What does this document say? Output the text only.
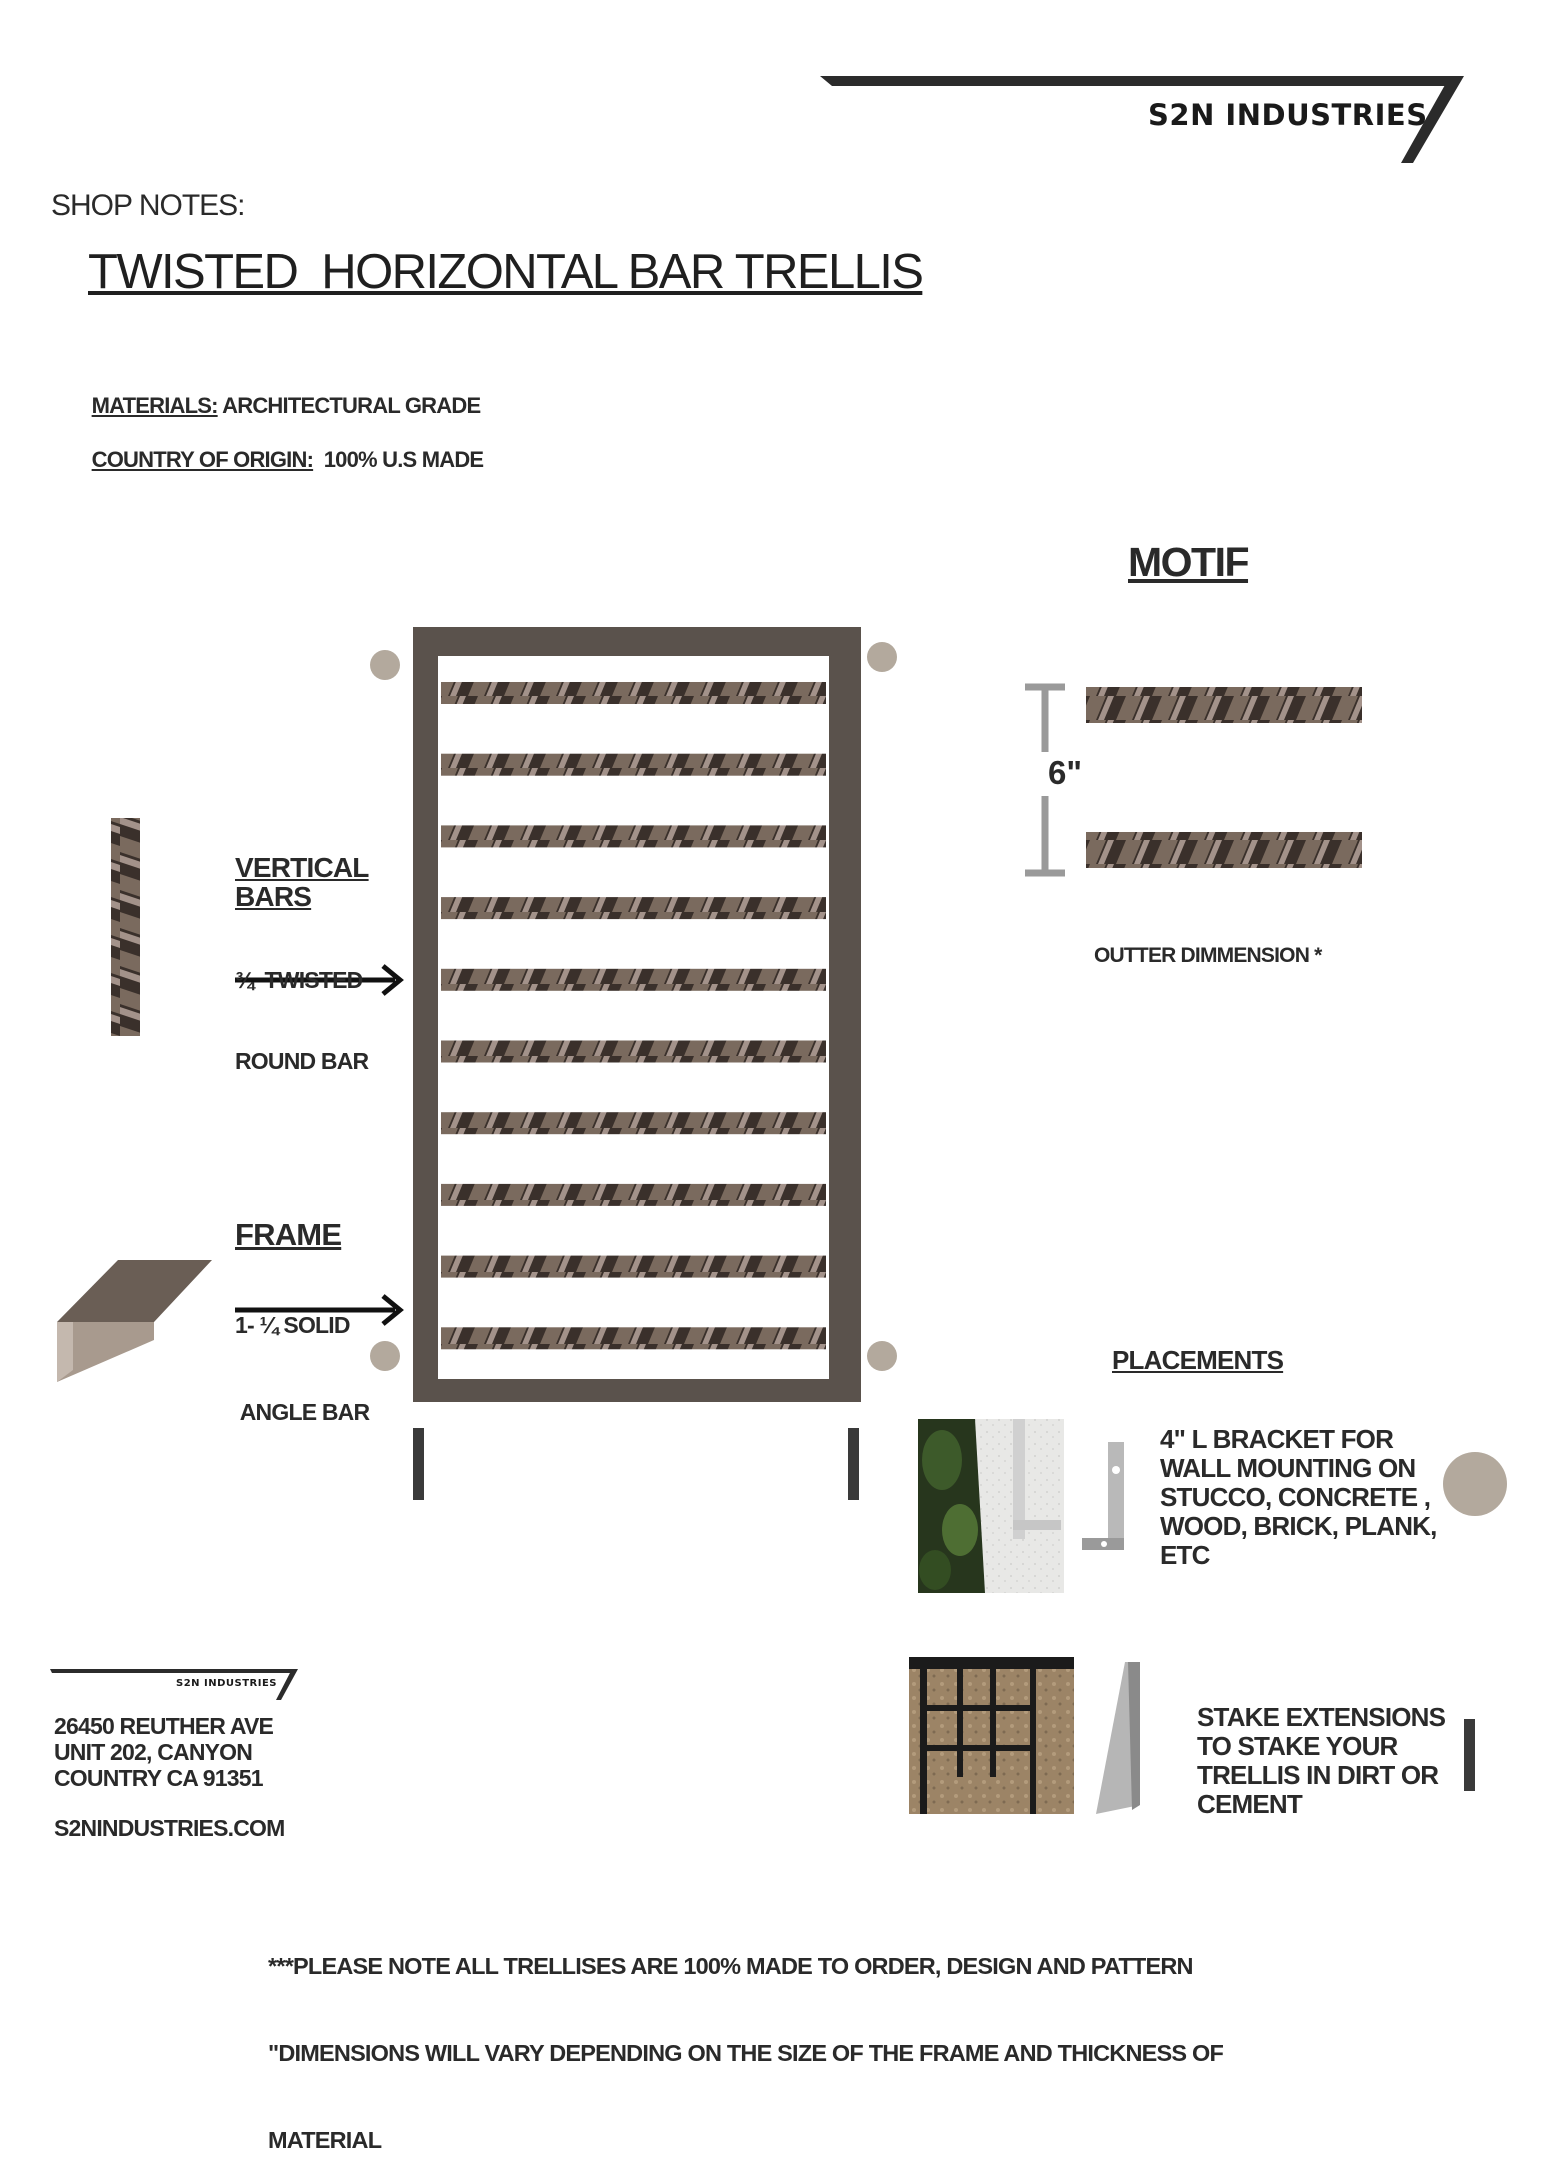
S2N INDUSTRIES
SHOP NOTES:
TWISTED  HORIZONTAL BAR TRELLIS

MATERIALS: ARCHITECTURAL GRADE

COUNTRY OF ORIGIN:  100% U.S MADE

MOTIF
6"
OUTTER DIMMENSION *
VERTICAL
BARS

¾  TWISTED

ROUND BAR

FRAME

1- ¼ SOLID

ANGLE BAR

PLACEMENTS
4" L BRACKET FOR
WALL MOUNTING ON
STUCCO, CONCRETE ,
WOOD, BRICK, PLANK,
ETC
STAKE EXTENSIONS
TO STAKE YOUR
TRELLIS IN DIRT OR
CEMENT
S2N INDUSTRIES
26450 REUTHER AVE
UNIT 202, CANYON
COUNTRY CA 91351
S2NINDUSTRIES.COM

***PLEASE NOTE ALL TRELLISES ARE 100% MADE TO ORDER, DESIGN AND PATTERN

"DIMENSIONS WILL VARY DEPENDING ON THE SIZE OF THE FRAME AND THICKNESS OF

MATERIAL
